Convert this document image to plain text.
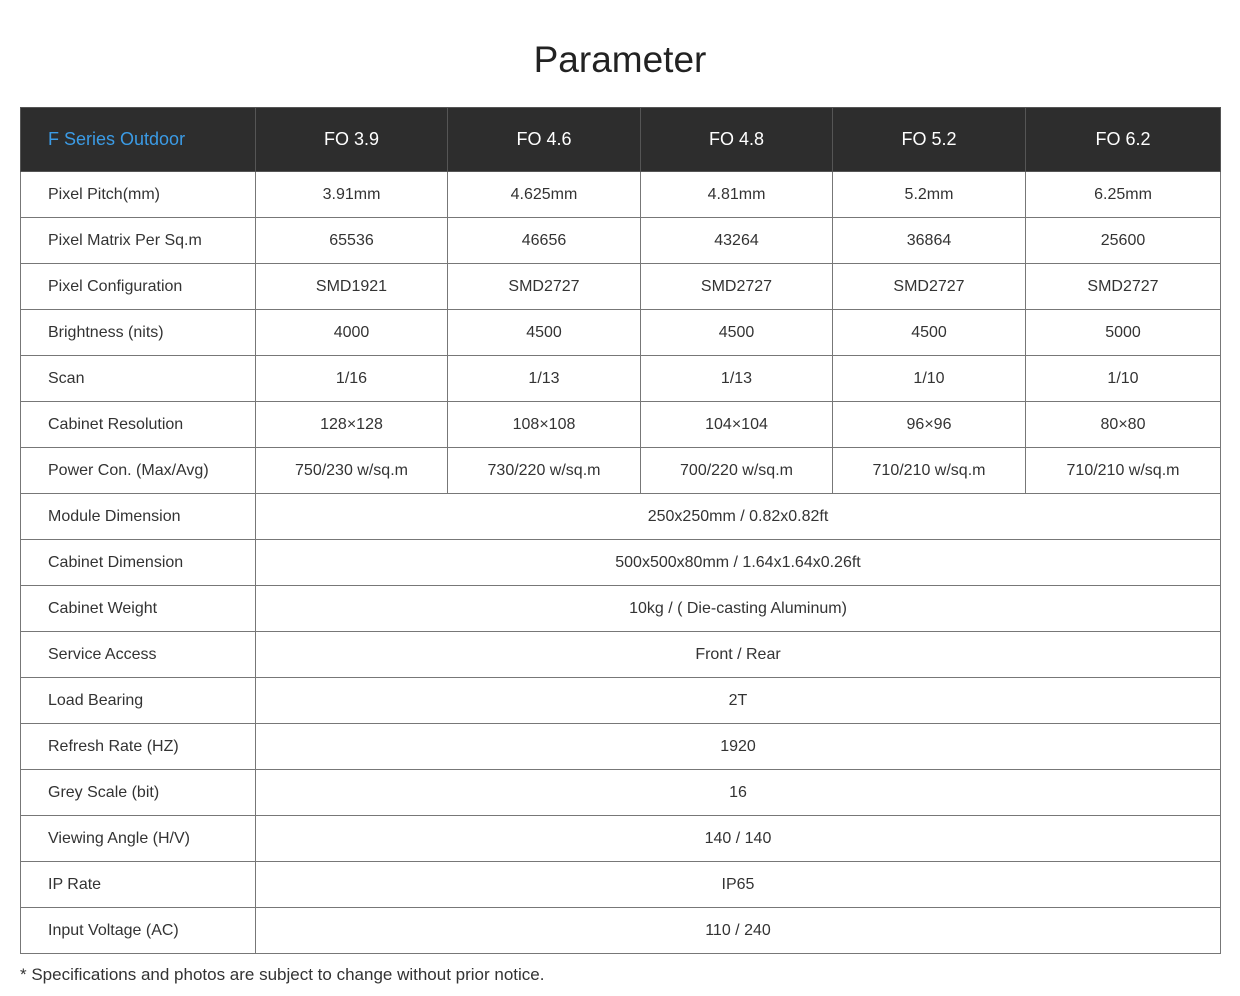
Parameter
F Series Outdoor	FO 3.9	FO 4.6	FO 4.8	FO 5.2	FO 6.2
Pixel Pitch(mm)	3.91mm	4.625mm	4.81mm	5.2mm	6.25mm
Pixel Matrix Per Sq.m	65536	46656	43264	36864	25600
Pixel Configuration	SMD1921	SMD2727	SMD2727	SMD2727	SMD2727
Brightness (nits)	4000	4500	4500	4500	5000
Scan	1/16	1/13	1/13	1/10	1/10
Cabinet Resolution	128×128	108×108	104×104	96×96	80×80
Power Con. (Max/Avg)	750/230 w/sq.m	730/220 w/sq.m	700/220 w/sq.m	710/210 w/sq.m	710/210 w/sq.m
Module Dimension	250x250mm / 0.82x0.82ft				
Cabinet Dimension	500x500x80mm / 1.64x1.64x0.26ft				
Cabinet Weight	10kg / ( Die-casting Aluminum)				
Service Access	Front / Rear				
Load Bearing	2T				
Refresh Rate (HZ)	1920				
Grey Scale (bit)	16				
Viewing Angle (H/V)	140 / 140				
IP Rate	IP65				
Input Voltage (AC)	110 / 240				

* Specifications and photos are subject to change without prior notice.
